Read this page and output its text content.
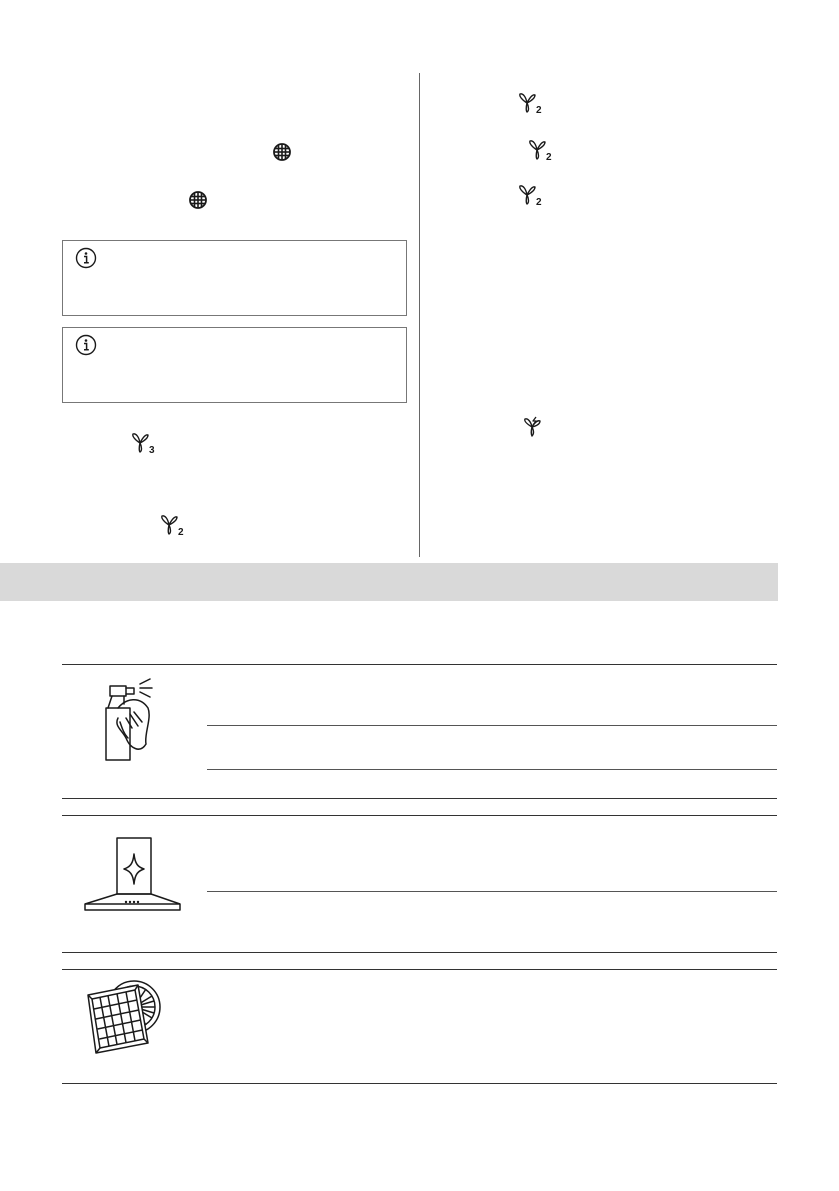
3
2
2
2
2
